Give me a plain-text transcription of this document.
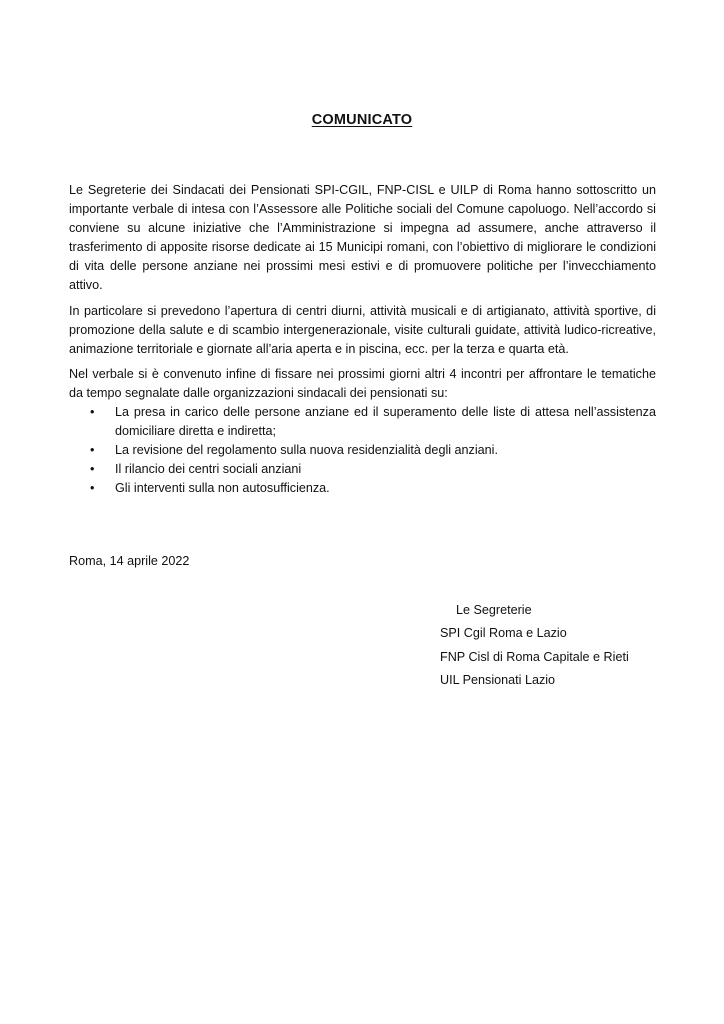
COMUNICATO

Le Segreterie dei Sindacati dei Pensionati SPI-CGIL, FNP-CISL e UILP di Roma hanno sottoscritto un importante verbale di intesa con l’Assessore alle Politiche sociali del Comune capoluogo. Nell’accordo si conviene su alcune iniziative che l’Amministrazione si impegna ad assumere, anche attraverso il trasferimento di apposite risorse dedicate ai 15 Municipi romani, con l’obiettivo di migliorare le condizioni di vita delle persone anziane nei prossimi mesi estivi e di promuovere politiche per l’invecchiamento attivo.

In particolare si prevedono l’apertura di centri diurni, attività musicali e di artigianato, attività sportive, di promozione della salute e di scambio intergenerazionale, visite culturali guidate, attività ludico-ricreative, animazione territoriale e giornate all’aria aperta e in piscina, ecc. per la terza e quarta età.

Nel verbale si è convenuto infine di fissare nei prossimi giorni altri 4 incontri per affrontare le tematiche da tempo segnalate dalle organizzazioni sindacali dei pensionati su:

• La presa in carico delle persone anziane ed il superamento delle liste di attesa nell’assistenza domiciliare diretta e indiretta;
• La revisione del regolamento sulla nuova residenzialità degli anziani.
• Il rilancio dei centri sociali anziani
• Gli interventi sulla non autosufficienza.
Roma, 14 aprile 2022
Le Segreterie
SPI Cgil Roma e Lazio
FNP Cisl di Roma Capitale e Rieti
UIL Pensionati Lazio
